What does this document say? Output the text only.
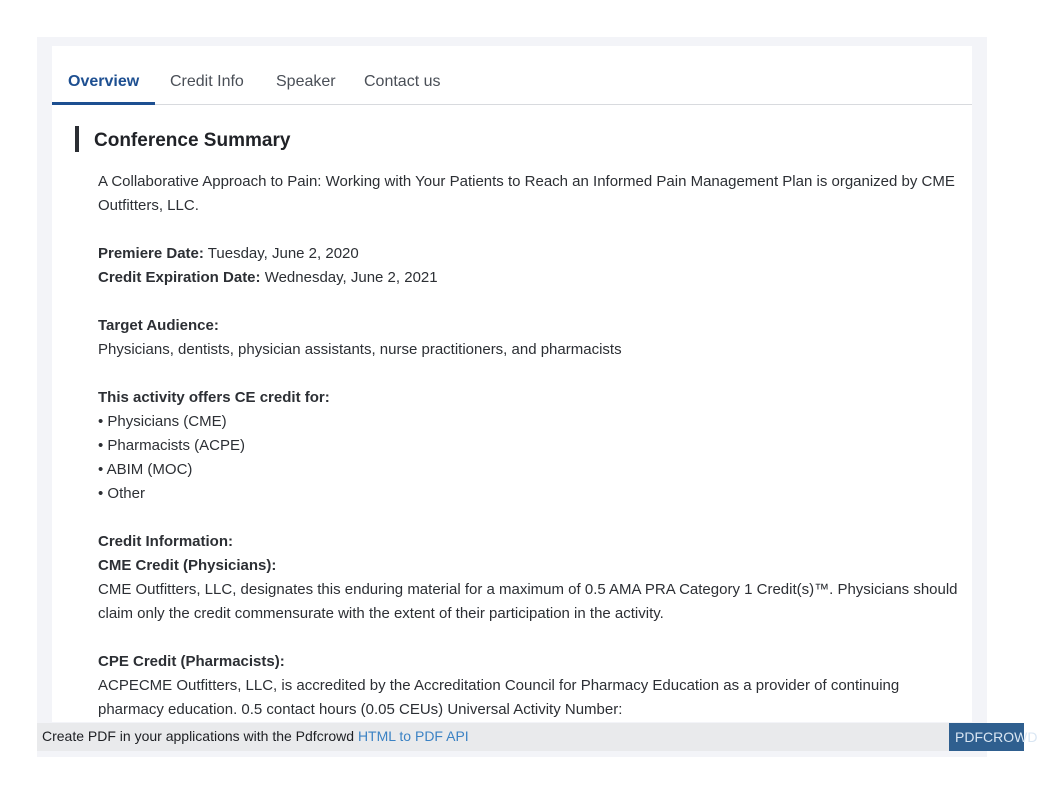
Overview Credit Info Speaker Contact us
Conference Summary

A Collaborative Approach to Pain: Working with Your Patients to Reach an Informed Pain Management Plan is organized by CME Outfitters, LLC.

Premiere Date: Tuesday, June 2, 2020

Credit Expiration Date: Wednesday, June 2, 2021

Target Audience:

Physicians, dentists, physician assistants, nurse practitioners, and pharmacists

This activity offers CE credit for:

• Physicians (CME)

• Pharmacists (ACPE)

• ABIM (MOC)

• Other

Credit Information:

CME Credit (Physicians):

CME Outfitters, LLC, designates this enduring material for a maximum of 0.5 AMA PRA Category 1 Credit(s)™. Physicians should claim only the credit commensurate with the extent of their participation in the activity.

CPE Credit (Pharmacists):

ACPECME Outfitters, LLC, is accredited by the Accreditation Council for Pharmacy Education as a provider of continuing pharmacy education. 0.5 contact hours (0.05 CEUs) Universal Activity Number:

Create PDF in your applications with the Pdfcrowd HTML to PDF API	PDFCROWD
